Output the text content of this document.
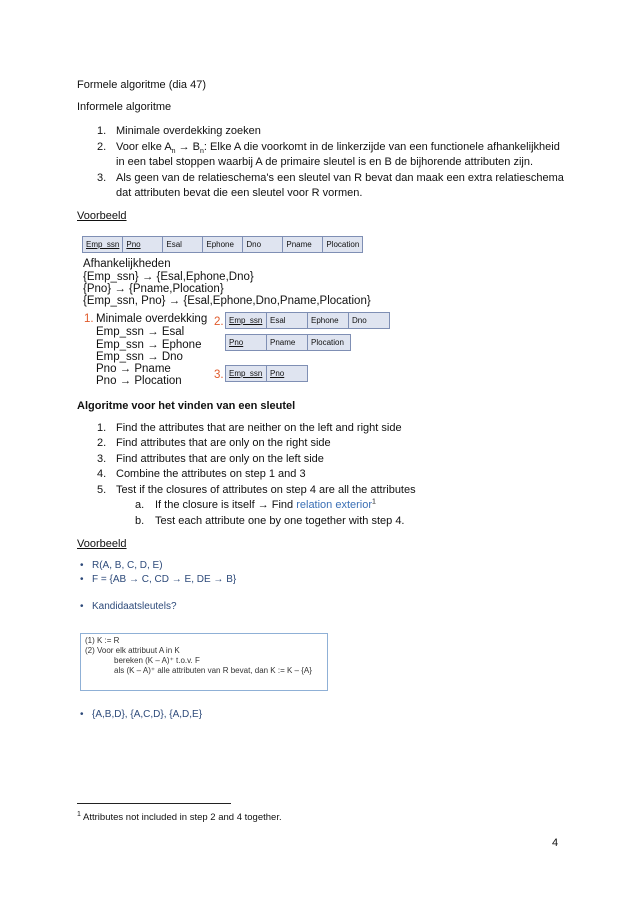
Formele algoritme (dia 47)
Informele algoritme
1. Minimale overdekking zoeken
2. Voor elke $A_n \to B_n$: Elke A die voorkomt in de linkerzijde van een functionele afhankelijkheid
in een tabel stoppen waarbij A de primaire sleutel is en B de bijhorende attributen zijn.
3. Als geen van de relatieschema's een sleutel van R bevat dan maak een extra relatieschema
dat attributen bevat die een sleutel voor R vormen.
Voorbeeld
Emp_ssn	Pno	Esal	Ephone	Dno	Pname	Plocation
Afhankelijkheden
{Emp_ssn} → {Esal,Ephone,Dno}
{Pno} → {Pname,Plocation}
{Emp_ssn, Pno} → {Esal,Ephone,Dno,Pname,Plocation}
1. Minimale overdekking
Emp_ssn → Esal
Emp_ssn → Ephone
Emp_ssn → Dno
Pno → Pname
Pno → Plocation
2. Emp_ssn	Esal	Ephone	Dno
Pno	Pname	Plocation
3. Emp_ssn	Pno
Algoritme voor het vinden van een sleutel
1. Find the attributes that are neither on the left and right side
2. Find attributes that are only on the right side
3. Find attributes that are only on the left side
4. Combine the attributes on step 1 and 3
5. Test if the closures of attributes on step 4 are all the attributes
a. If the closure is itself → Find relation exterior$^1$
b. Test each attribute one by one together with step 4.
Voorbeeld
• R(A, B, C, D, E)
• F = {AB → C, CD → E, DE → B}
• Kandidaatsleutels?
(1) K := R
(2) Voor elk attribuut A in K
bereken (K – A)⁺ t.o.v. F
als (K – A)⁺ alle attributen van R bevat, dan K := K – {A}
• {A,B,D}, {A,C,D}, {A,D,E}
$^1$ Attributes not included in step 2 and 4 together.
4
